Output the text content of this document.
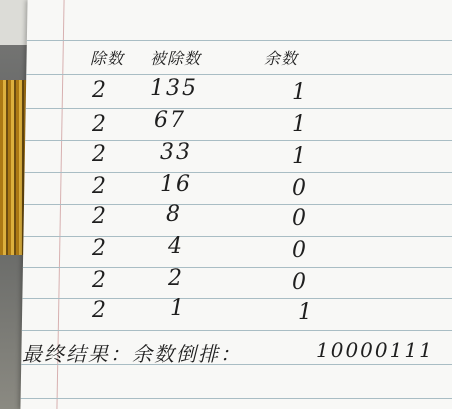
除数 被除数	余数
2 135	1
2 67	1
2 33	1
2 16	0
2	8	0
2	4	0
2	2	0
2	1	1
最终结果：余数倒排：	10000111
